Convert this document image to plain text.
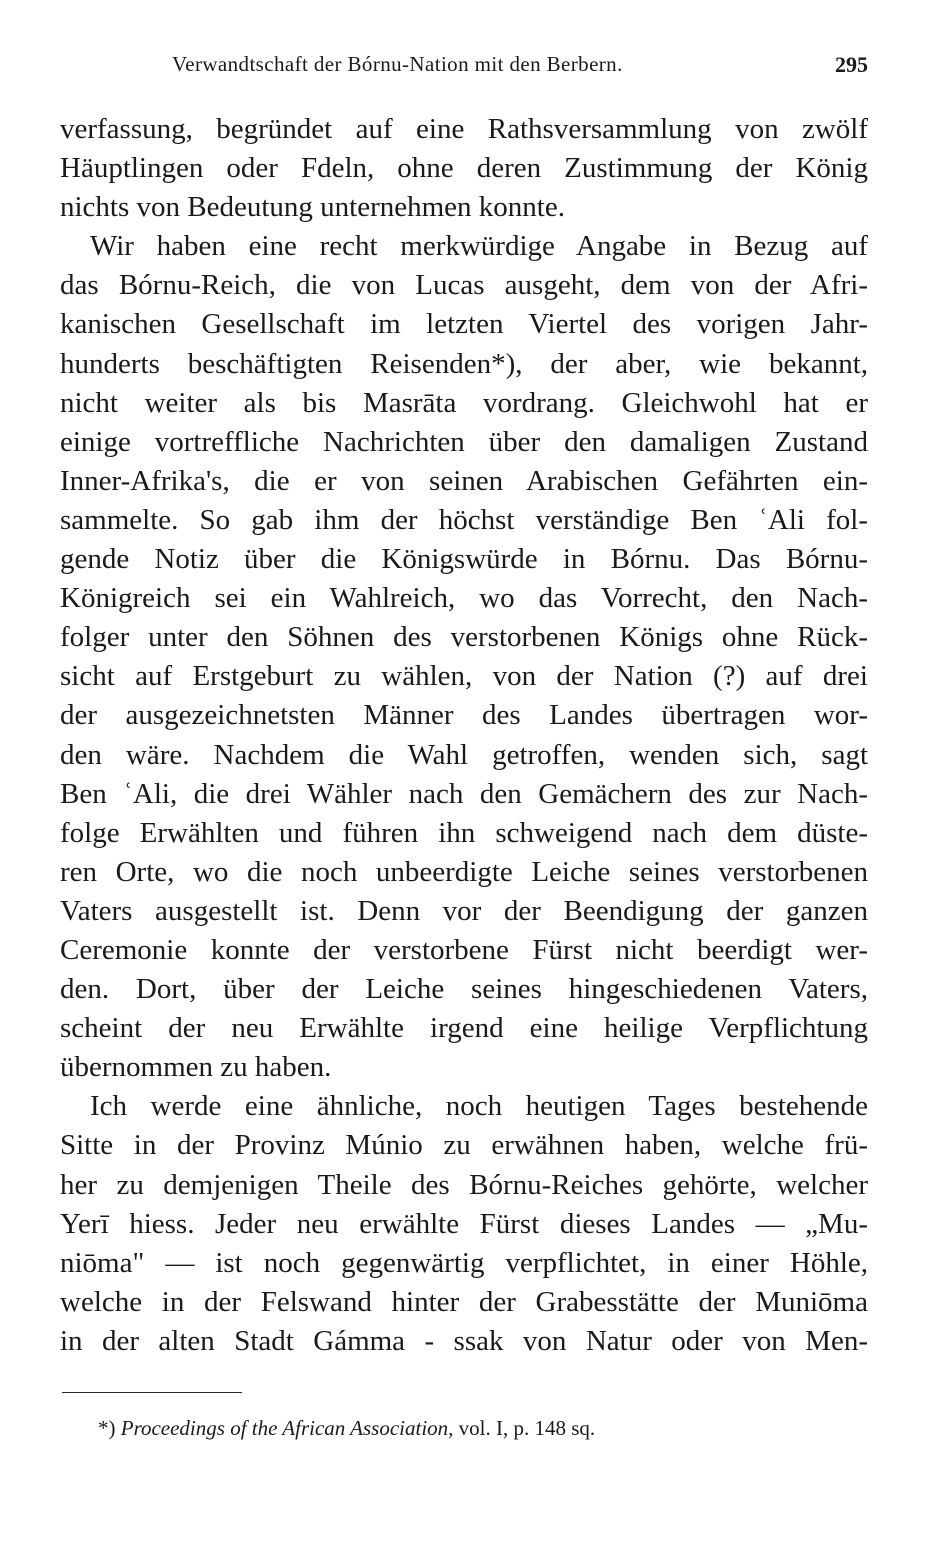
Verwandtschaft der Bórnu-Nation mit den Berbern.	295
verfassung, begründet auf eine Rathsversammlung von zwölf
Häuptlingen oder Fdeln, ohne deren Zustimmung der König
nichts von Bedeutung unternehmen konnte.
Wir haben eine recht merkwürdige Angabe in Bezug auf
das Bórnu-Reich, die von Lucas ausgeht, dem von der Afri-
kanischen Gesellschaft im letzten Viertel des vorigen Jahr-
hunderts beschäftigten Reisenden*), der aber, wie bekannt,
nicht weiter als bis Masrāta vordrang. Gleichwohl hat er
einige vortreffliche Nachrichten über den damaligen Zustand
Inner-Afrika's, die er von seinen Arabischen Gefährten ein-
sammelte. So gab ihm der höchst verständige Ben ʿAli fol-
gende Notiz über die Königswürde in Bórnu. Das Bórnu-
Königreich sei ein Wahlreich, wo das Vorrecht, den Nach-
folger unter den Söhnen des verstorbenen Königs ohne Rück-
sicht auf Erstgeburt zu wählen, von der Nation (?) auf drei
der ausgezeichnetsten Männer des Landes übertragen wor-
den wäre. Nachdem die Wahl getroffen, wenden sich, sagt
Ben ʿAli, die drei Wähler nach den Gemächern des zur Nach-
folge Erwählten und führen ihn schweigend nach dem düste-
ren Orte, wo die noch unbeerdigte Leiche seines verstorbenen
Vaters ausgestellt ist. Denn vor der Beendigung der ganzen
Ceremonie konnte der verstorbene Fürst nicht beerdigt wer-
den. Dort, über der Leiche seines hingeschiedenen Vaters,
scheint der neu Erwählte irgend eine heilige Verpflichtung
übernommen zu haben.
Ich werde eine ähnliche, noch heutigen Tages bestehende
Sitte in der Provinz Múnio zu erwähnen haben, welche frü-
her zu demjenigen Theile des Bórnu-Reiches gehörte, welcher
Yerī hiess. Jeder neu erwählte Fürst dieses Landes — „Mu-
niōma" — ist noch gegenwärtig verpflichtet, in einer Höhle,
welche in der Felswand hinter der Grabesstätte der Muniōma
in der alten Stadt Gámma - ssak von Natur oder von Men-
*) Proceedings of the African Association, vol. I, p. 148 sq.
